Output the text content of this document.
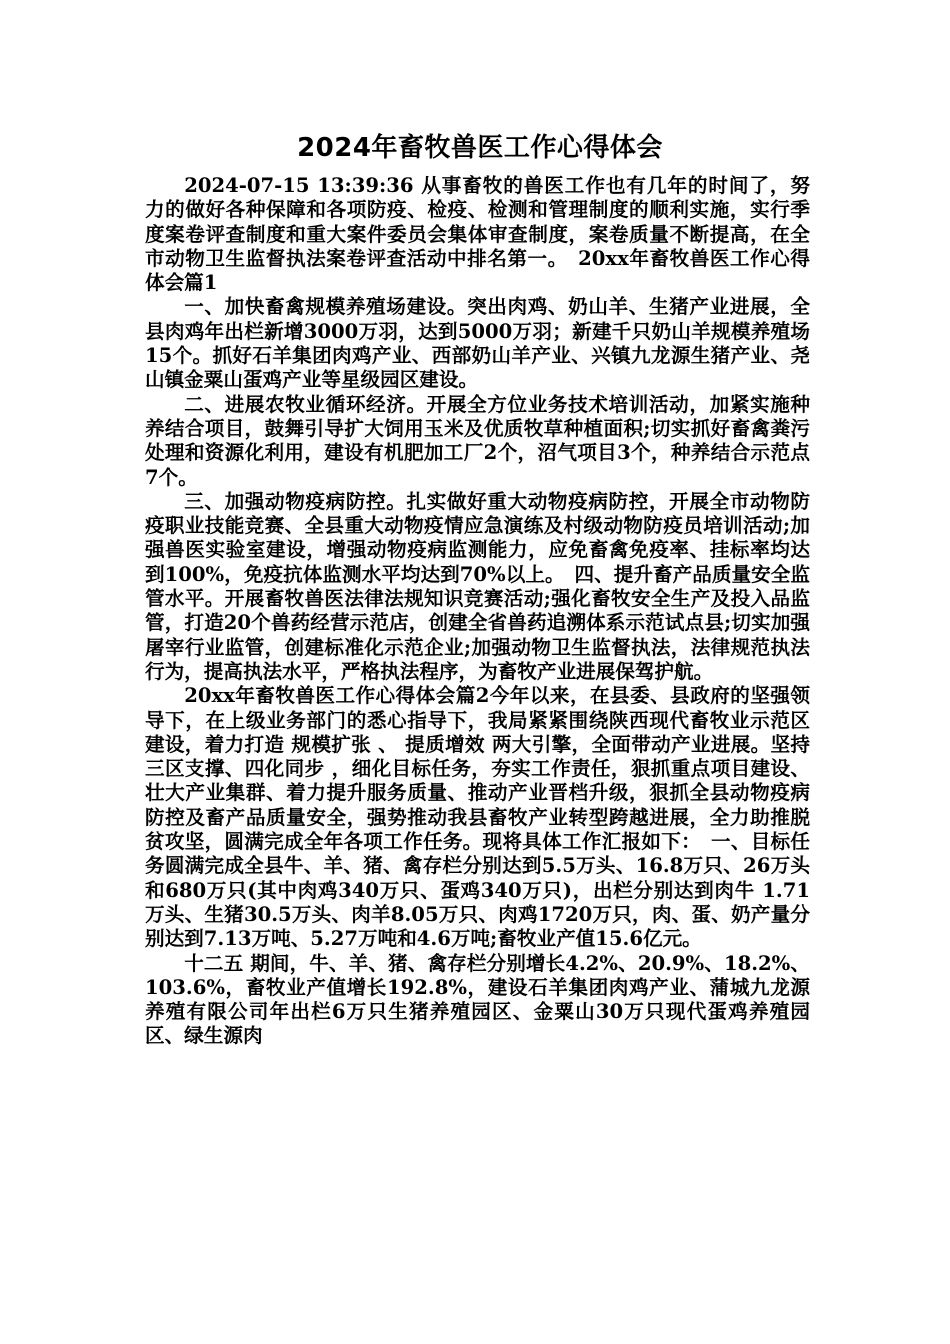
2024年畜牧兽医工作心得体会

2024-07-15 13:39:36 从事畜牧的兽医工作也有几年的时间了，努力的做好各种保障和各项防疫、检疫、检测和管理制度的顺利实施，实行季度案卷评查制度和重大案件委员会集体审查制度，案卷质量不断提高，在全市动物卫生监督执法案卷评查活动中排名第一。　20xx年畜牧兽医工作心得体会篇1

一、加快畜禽规模养殖场建设。突出肉鸡、奶山羊、生猪产业进展，全县肉鸡年出栏新增3000万羽，达到5000万羽；新建千只奶山羊规模养殖场15个。抓好石羊集团肉鸡产业、西部奶山羊产业、兴镇九龙源生猪产业、尧山镇金粟山蛋鸡产业等星级园区建设。

二、进展农牧业循环经济。开展全方位业务技术培训活动，加紧实施种养结合项目，鼓舞引导扩大饲用玉米及优质牧草种植面积;切实抓好畜禽粪污处理和资源化利用，建设有机肥加工厂2个，沼气项目3个，种养结合示范点7个。

三、加强动物疫病防控。扎实做好重大动物疫病防控，开展全市动物防疫职业技能竞赛、全县重大动物疫情应急演练及村级动物防疫员培训活动;加强兽医实验室建设，增强动物疫病监测能力，应免畜禽免疫率、挂标率均达到100%，免疫抗体监测水平均达到70%以上。　四、提升畜产品质量安全监管水平。开展畜牧兽医法律法规知识竞赛活动;强化畜牧安全生产及投入品监管，打造20个兽药经营示范店，创建全省兽药追溯体系示范试点县;切实加强屠宰行业监管，创建标准化示范企业;加强动物卫生监督执法，法律规范执法行为，提高执法水平，严格执法程序，为畜牧产业进展保驾护航。

20xx年畜牧兽医工作心得体会篇2今年以来，在县委、县政府的坚强领导下，在上级业务部门的悉心指导下，我局紧紧围绕陕西现代畜牧业示范区建设，着力打造 规模扩张 、 提质增效 两大引擎，全面带动产业进展。坚持 三区支撑、四化同步 ，细化目标任务，夯实工作责任，狠抓重点项目建设、壮大产业集群、着力提升服务质量、推动产业晋档升级，狠抓全县动物疫病防控及畜产品质量安全，强势推动我县畜牧产业转型跨越进展，全力助推脱贫攻坚，圆满完成全年各项工作任务。现将具体工作汇报如下：　一、目标任务圆满完成全县牛、羊、猪、禽存栏分别达到5.5万头、16.8万只、26万头和680万只(其中肉鸡340万只、蛋鸡340万只)，出栏分别达到肉牛 1.71万头、生猪30.5万头、肉羊8.05万只、肉鸡1720万只，肉、蛋、奶产量分别达到7.13万吨、5.27万吨和4.6万吨;畜牧业产值15.6亿元。

十二五 期间，牛、羊、猪、禽存栏分别增长4.2%、20.9%、18.2%、103.6%，畜牧业产值增长192.8%，建设石羊集团肉鸡产业、蒲城九龙源养殖有限公司年出栏6万只生猪养殖园区、金粟山30万只现代蛋鸡养殖园区、绿生源肉
